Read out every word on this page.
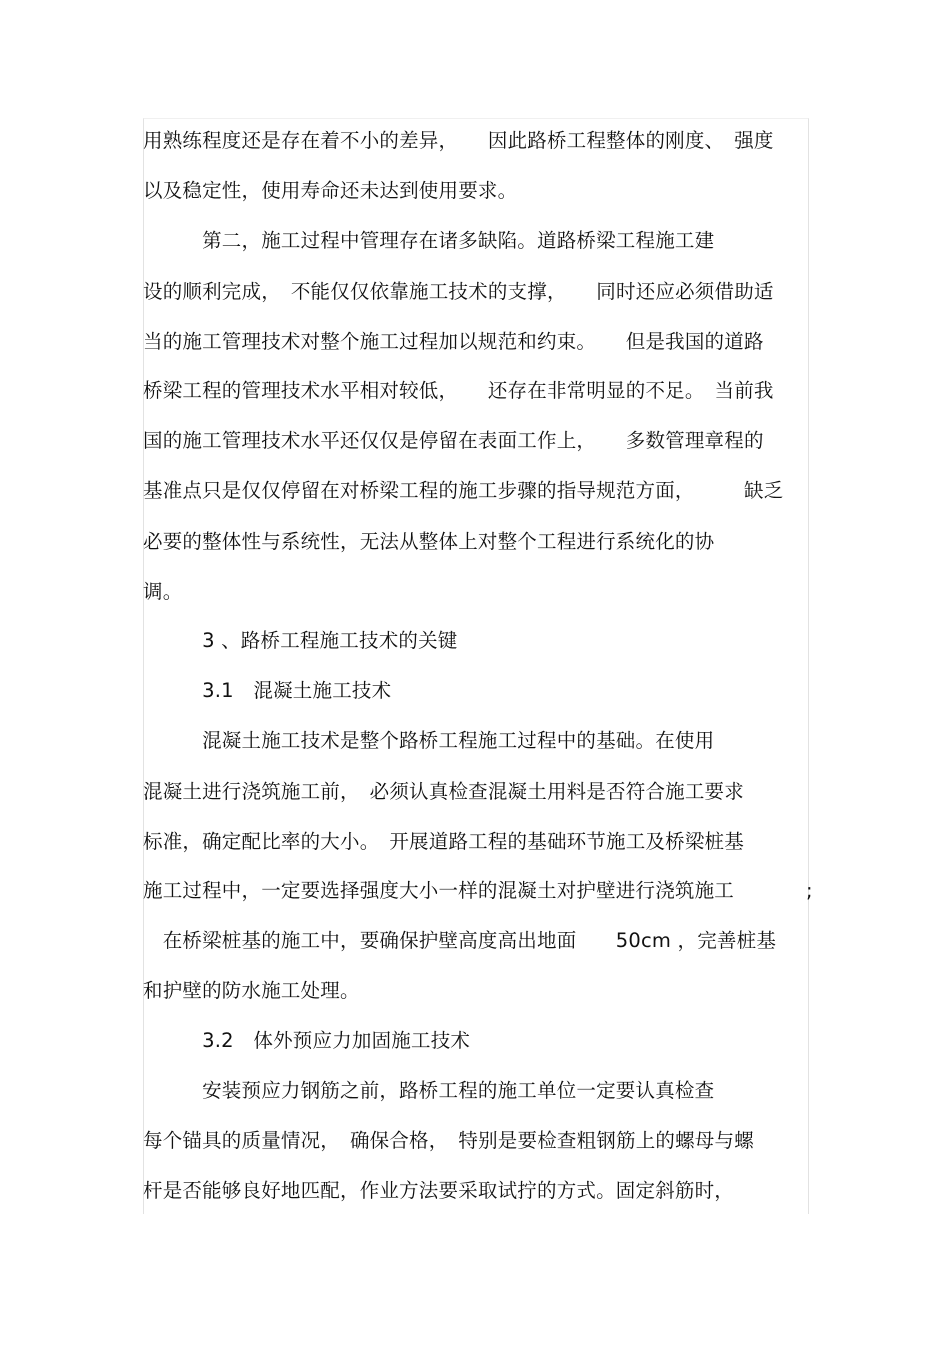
用熟练程度还是存在着不小的差异，　　因此路桥工程整体的刚度、　强度
以及稳定性，使用寿命还未达到使用要求。
　　　第二，施工过程中管理存在诸多缺陷。道路桥梁工程施工建
设的顺利完成，　不能仅仅依靠施工技术的支撑，　　同时还应必须借助适
当的施工管理技术对整个施工过程加以规范和约束。　　但是我国的道路
桥梁工程的管理技术水平相对较低，　　还存在非常明显的不足。　当前我
国的施工管理技术水平还仅仅是停留在表面工作上，　　多数管理章程的
基准点只是仅仅停留在对桥梁工程的施工步骤的指导规范方面，　　　缺乏
必要的整体性与系统性，无法从整体上对整个工程进行系统化的协
调。
　　　3 、路桥工程施工技术的关键
　　　3.1　混凝土施工技术
　　　混凝土施工技术是整个路桥工程施工过程中的基础。在使用
混凝土进行浇筑施工前，　必须认真检查混凝土用料是否符合施工要求
标准，确定配比率的大小。　开展道路工程的基础环节施工及桥梁桩基
施工过程中，一定要选择强度大小一样的混凝土对护壁进行浇筑施工	;
　在桥梁桩基的施工中，要确保护壁高度高出地面　　50cm ，完善桩基
和护壁的防水施工处理。
　　　3.2　体外预应力加固施工技术
　　　安装预应力钢筋之前，路桥工程的施工单位一定要认真检查
每个锚具的质量情况，　确保合格，　特别是要检查粗钢筋上的螺母与螺
杆是否能够良好地匹配，作业方法要采取试拧的方式。固定斜筋时，
